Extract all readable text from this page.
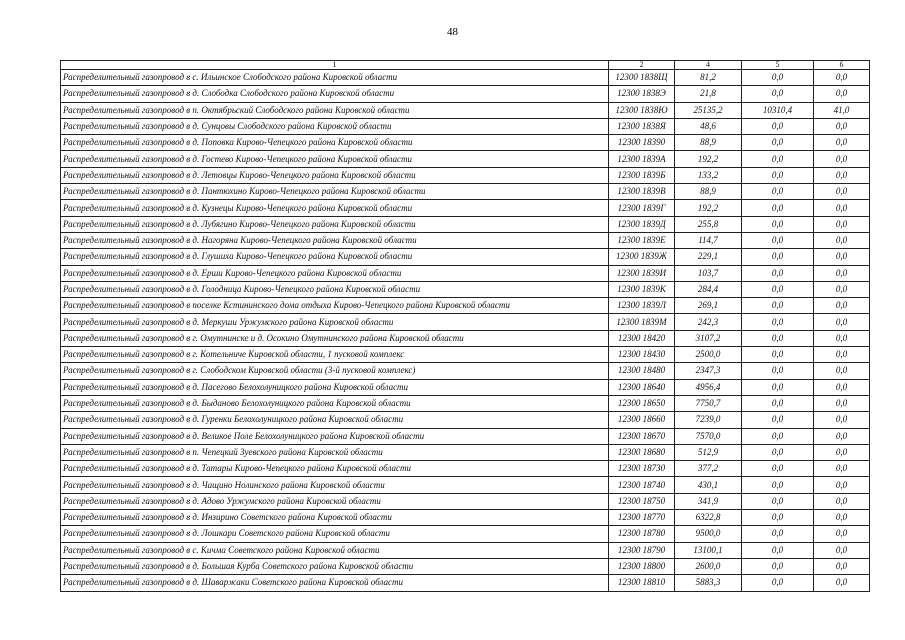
48
1	2	4	5	6
Распределительный газопровод в с. Ильинское Слободского района Кировской области	12300 1838Щ	81,2	0,0	0,0
Распределительный газопровод в д. Слободка Слободского района Кировской области	12300 1838Э	21,8	0,0	0,0
Распределительный газопровод в п. Октябрьский Слободского района Кировской области	12300 1838Ю	25135,2	10310,4	41,0
Распределительный газопровод в д. Сунцовы Слободского района Кировской области	12300 1838Я	48,6	0,0	0,0
Распределительный газопровод в д. Поповка Кирово-Чепецкого района Кировской области	12300 18390	88,9	0,0	0,0
Распределительный газопровод в д. Гостево Кирово-Чепецкого района Кировской области	12300 1839А	192,2	0,0	0,0
Распределительный газопровод в д. Летовцы Кирово-Чепецкого района Кировской области	12300 1839Б	133,2	0,0	0,0
Распределительный газопровод в д. Пантюхино Кирово-Чепецкого района Кировской области	12300 1839В	88,9	0,0	0,0
Распределительный газопровод в д. Кузнецы Кирово-Чепецкого района Кировской области	12300 1839Г	192,2	0,0	0,0
Распределительный газопровод в д. Лубягино Кирово-Чепецкого района Кировской области	12300 1839Д	255,8	0,0	0,0
Распределительный газопровод в д. Нагоряна Кирово-Чепецкого района Кировской области	12300 1839Е	114,7	0,0	0,0
Распределительный газопровод в д. Глушиха Кирово-Чепецкого района Кировской области	12300 1839Ж	229,1	0,0	0,0
Распределительный газопровод в д. Ерши Кирово-Чепецкого района Кировской области	12300 1839И	103,7	0,0	0,0
Распределительный газопровод в д. Голодница Кирово-Чепецкого района Кировской области	12300 1839К	284,4	0,0	0,0
Распределительный газопровод в поселке Кстининского дома отдыха Кирово-Чепецкого района Кировской области	12300 1839Л	269,1	0,0	0,0
Распределительный газопровод в д. Меркуши Уржумского района Кировской области	12300 1839М	242,3	0,0	0,0
Распределительный газопровод в г. Омутнинске и д. Осокино Омутнинского района Кировской области	12300 18420	3107,2	0,0	0,0
Распределительный газопровод в г. Котельниче Кировской области, 1 пусковой комплекс	12300 18430	2500,0	0,0	0,0
Распределительный газопровод в г. Слободском Кировской области (3-й пусковой комплекс)	12300 18480	2347,3	0,0	0,0
Распределительный газопровод в д. Пасегово Белохолуницкого района Кировской области	12300 18640	4956,4	0,0	0,0
Распределительный газопровод в д. Быданово Белохолуницкого района Кировской области	12300 18650	7750,7	0,0	0,0
Распределительный газопровод в д. Гуренки Белохолуницкого района Кировской области	12300 18660	7239,0	0,0	0,0
Распределительный газопровод в д. Великое Поле Белохолуницкого района Кировской области	12300 18670	7570,0	0,0	0,0
Распределительный газопровод в п. Чепецкий Зуевского района Кировской области	12300 18680	512,9	0,0	0,0
Распределительный газопровод в д. Татары Кирово-Чепецкого района Кировской области	12300 18730	377,2	0,0	0,0
Распределительный газопровод в д. Чащино Нолинского района Кировской области	12300 18740	430,1	0,0	0,0
Распределительный газопровод в д. Адово Уржумского района Кировской области	12300 18750	341,9	0,0	0,0
Распределительный газопровод в д. Инзирино Советского района Кировской области	12300 18770	6322,8	0,0	0,0
Распределительный газопровод в д. Лошкари Советского района Кировской области	12300 18780	9500,0	0,0	0,0
Распределительный газопровод в с. Кичма Советского района Кировской области	12300 18790	13100,1	0,0	0,0
Распределительный газопровод в д. Большая Курба Советского района Кировской области	12300 18800	2600,0	0,0	0,0
Распределительный газопровод в д. Шаваржаки Советского района Кировской области	12300 18810	5883,3	0,0	0,0
